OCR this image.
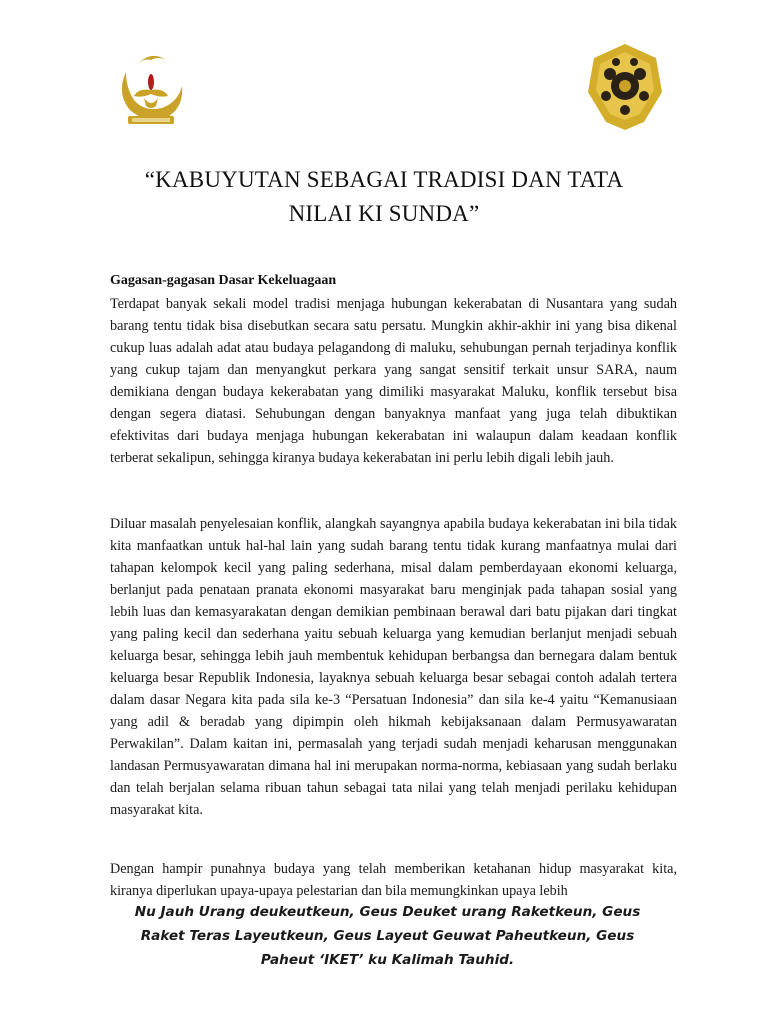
“KABUYUTAN SEBAGAI TRADISI DAN TATA
NILAI KI SUNDA”
Gagasan-gagasan Dasar Kekeluagaan

Terdapat banyak sekali model tradisi menjaga hubungan kekerabatan di Nusantara yang sudah barang tentu tidak bisa disebutkan secara satu persatu. Mungkin akhir-akhir ini yang bisa dikenal cukup luas adalah adat atau budaya pelagandong di maluku, sehubungan pernah terjadinya konflik yang cukup tajam dan menyangkut perkara yang sangat sensitif terkait unsur SARA, naum demikiana dengan budaya kekerabatan yang dimiliki masyarakat Maluku, konflik tersebut bisa dengan segera diatasi. Sehubungan dengan banyaknya manfaat yang juga telah dibuktikan efektivitas dari budaya menjaga hubungan kekerabatan ini walaupun dalam keadaan konflik terberat sekalipun, sehingga kiranya budaya kekerabatan ini perlu lebih digali lebih jauh.

Diluar masalah penyelesaian konflik, alangkah sayangnya apabila budaya kekerabatan ini bila tidak kita manfaatkan untuk hal-hal lain yang sudah barang tentu tidak kurang manfaatnya mulai dari tahapan kelompok kecil yang paling sederhana, misal dalam pemberdayaan ekonomi keluarga, berlanjut pada penataan pranata ekonomi masyarakat baru menginjak pada tahapan sosial yang lebih luas dan kemasyarakatan dengan demikian pembinaan berawal dari batu pijakan dari tingkat yang paling kecil dan sederhana yaitu sebuah keluarga yang kemudian berlanjut menjadi sebuah keluarga besar, sehingga lebih jauh membentuk kehidupan berbangsa dan bernegara dalam bentuk keluarga besar Republik Indonesia, layaknya sebuah keluarga besar sebagai contoh adalah tertera dalam dasar Negara kita pada sila ke-3 “Persatuan Indonesia” dan sila ke-4 yaitu “Kemanusiaan yang adil & beradab yang dipimpin oleh hikmah kebijaksanaan dalam Permusyawaratan Perwakilan”. Dalam kaitan ini, permasalah yang terjadi sudah menjadi keharusan menggunakan landasan Permusyawaratan dimana hal ini merupakan norma-norma, kebiasaan yang sudah berlaku dan telah berjalan selama ribuan tahun sebagai tata nilai yang telah menjadi perilaku kehidupan masyarakat kita.

Dengan hampir punahnya budaya yang telah memberikan ketahanan hidup masyarakat kita, kiranya diperlukan upaya-upaya pelestarian dan bila memungkinkan upaya lebih

Nu Jauh Urang deukeutkeun, Geus Deuket urang Raketkeun, Geus
Raket Teras Layeutkeun, Geus Layeut Geuwat Paheutkeun, Geus
Paheut ‘IKET’ ku Kalimah Tauhid.
